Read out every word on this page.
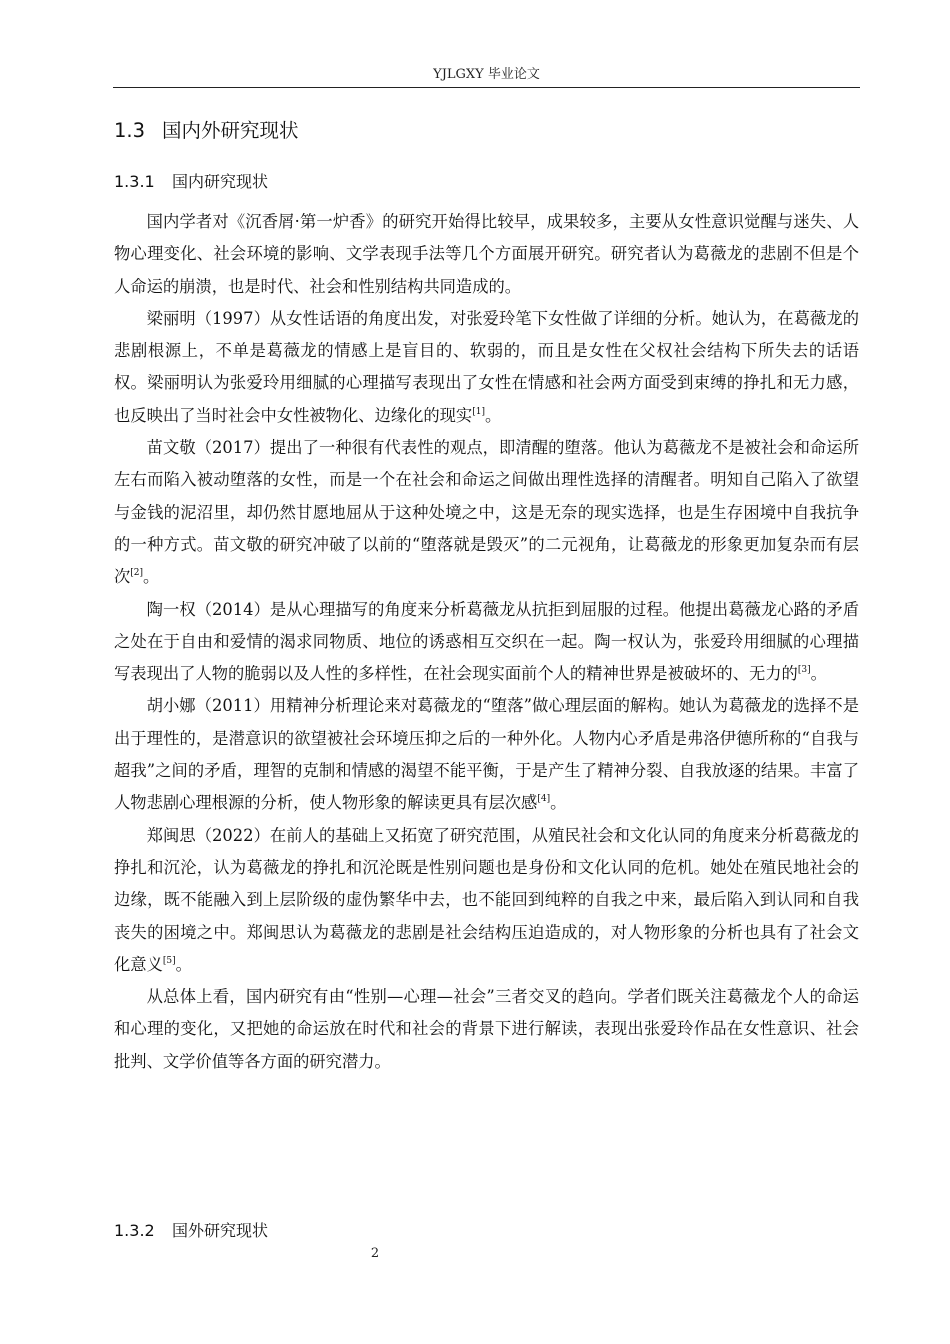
YJLGXY 毕业论文
1.3 国内外研究现状
1.3.1 国内研究现状

国内学者对《沉香屑·第一炉香》的研究开始得比较早，成果较多，主要从女性意识觉醒与迷失、人物心理变化、社会环境的影响、文学表现手法等几个方面展开研究。研究者认为葛薇龙的悲剧不但是个人命运的崩溃，也是时代、社会和性别结构共同造成的。

梁丽明（1997）从女性话语的角度出发，对张爱玲笔下女性做了详细的分析。她认为，在葛薇龙的悲剧根源上，不单是葛薇龙的情感上是盲目的、软弱的，而且是女性在父权社会结构下所失去的话语权。梁丽明认为张爱玲用细腻的心理描写表现出了女性在情感和社会两方面受到束缚的挣扎和无力感，也反映出了当时社会中女性被物化、边缘化的现实[1]。

苗文敬（2017）提出了一种很有代表性的观点，即清醒的堕落。他认为葛薇龙不是被社会和命运所左右而陷入被动堕落的女性，而是一个在社会和命运之间做出理性选择的清醒者。明知自己陷入了欲望与金钱的泥沼里，却仍然甘愿地屈从于这种处境之中，这是无奈的现实选择，也是生存困境中自我抗争的一种方式。苗文敬的研究冲破了以前的“堕落就是毁灭”的二元视角，让葛薇龙的形象更加复杂而有层次[2]。

陶一权（2014）是从心理描写的角度来分析葛薇龙从抗拒到屈服的过程。他提出葛薇龙心路的矛盾之处在于自由和爱情的渴求同物质、地位的诱惑相互交织在一起。陶一权认为，张爱玲用细腻的心理描写表现出了人物的脆弱以及人性的多样性，在社会现实面前个人的精神世界是被破坏的、无力的[3]。

胡小娜（2011）用精神分析理论来对葛薇龙的“堕落”做心理层面的解构。她认为葛薇龙的选择不是出于理性的，是潜意识的欲望被社会环境压抑之后的一种外化。人物内心矛盾是弗洛伊德所称的“自我与超我”之间的矛盾，理智的克制和情感的渴望不能平衡，于是产生了精神分裂、自我放逐的结果。丰富了人物悲剧心理根源的分析，使人物形象的解读更具有层次感[4]。

郑闽思（2022）在前人的基础上又拓宽了研究范围，从殖民社会和文化认同的角度来分析葛薇龙的挣扎和沉沦，认为葛薇龙的挣扎和沉沦既是性别问题也是身份和文化认同的危机。她处在殖民地社会的边缘，既不能融入到上层阶级的虚伪繁华中去，也不能回到纯粹的自我之中来，最后陷入到认同和自我丧失的困境之中。郑闽思认为葛薇龙的悲剧是社会结构压迫造成的，对人物形象的分析也具有了社会文化意义[5]。

从总体上看，国内研究有由“性别—心理—社会”三者交叉的趋向。学者们既关注葛薇龙个人的命运和心理的变化，又把她的命运放在时代和社会的背景下进行解读，表现出张爱玲作品在女性意识、社会批判、文学价值等各方面的研究潜力。

1.3.2 国外研究现状
2
